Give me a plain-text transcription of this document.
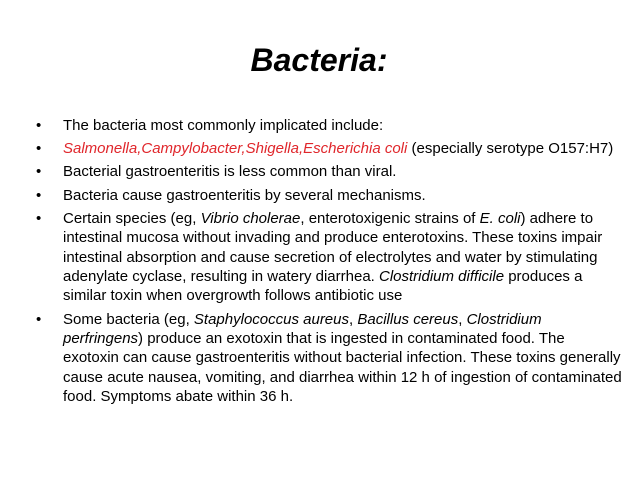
Bacteria:
•	The bacteria most commonly implicated include:
•	Salmonella,Campylobacter,Shigella,Escherichia coli (especially serotype O157:H7)
•	Bacterial gastroenteritis is less common than viral.
•	Bacteria cause gastroenteritis by several mechanisms.
•	Certain species (eg, Vibrio cholerae, enterotoxigenic strains of E. coli) adhere to intestinal mucosa without invading and produce enterotoxins. These toxins impair intestinal absorption and cause secretion of electrolytes and water by stimulating adenylate cyclase, resulting in watery diarrhea. Clostridium difficile produces a similar toxin when overgrowth follows antibiotic use
•	Some bacteria (eg, Staphylococcus aureus, Bacillus cereus, Clostridium perfringens) produce an exotoxin that is ingested in contaminated food. The exotoxin can cause gastroenteritis without bacterial infection. These toxins generally cause acute nausea, vomiting, and diarrhea within 12 h of ingestion of contaminated food. Symptoms abate within 36 h.
